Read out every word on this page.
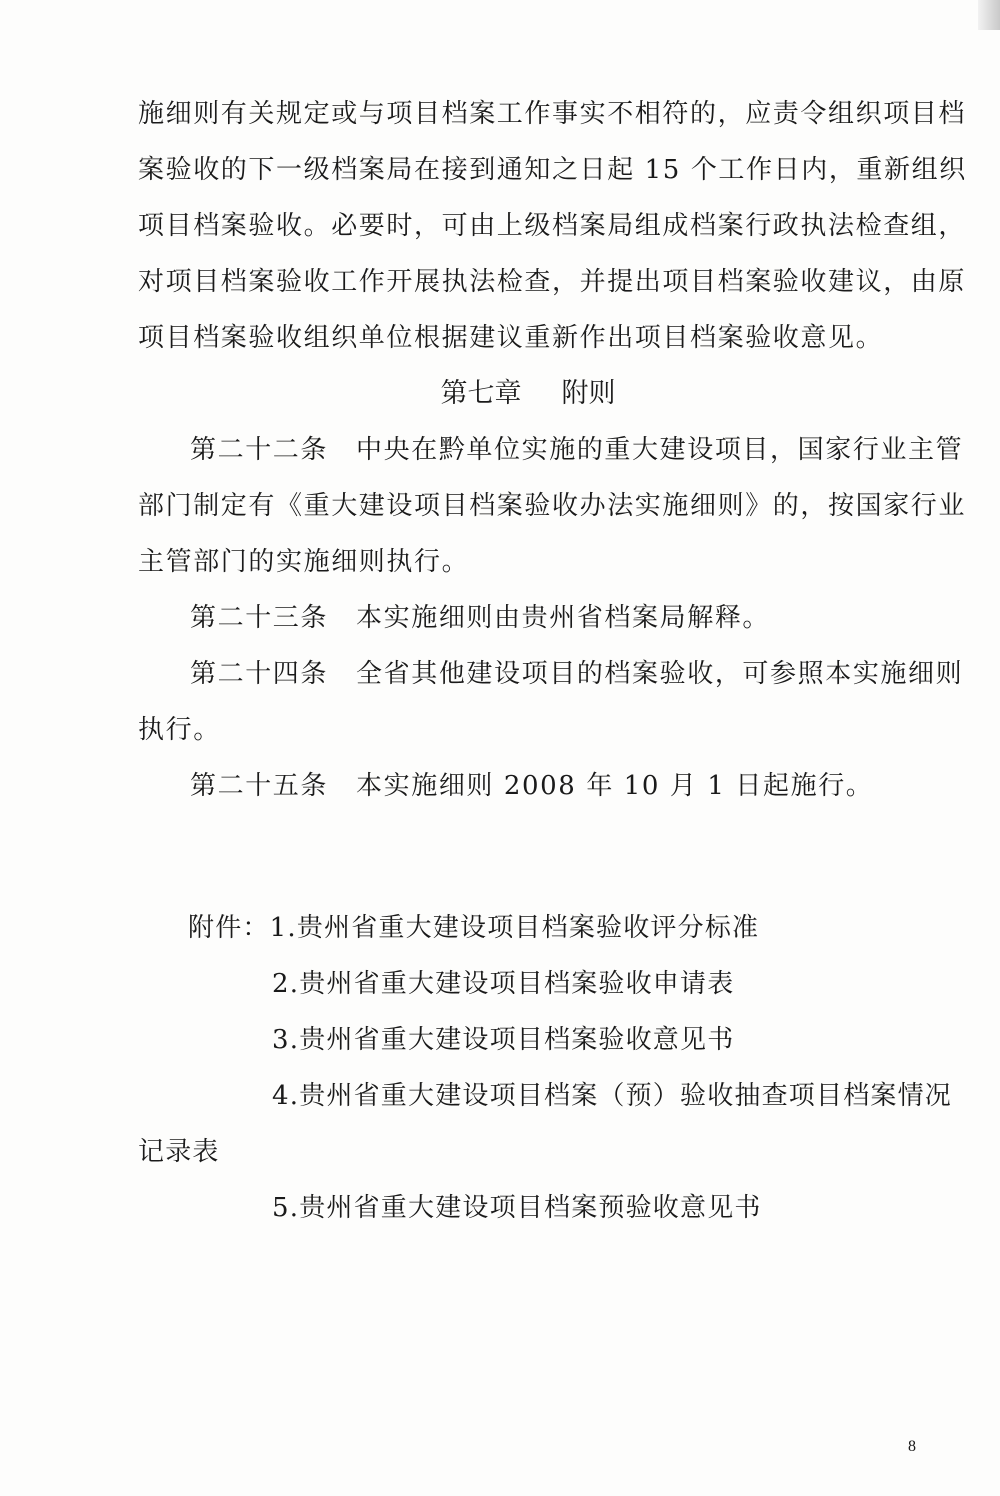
施细则有关规定或与项目档案工作事实不相符的，应责令组织项目档

案验收的下一级档案局在接到通知之日起 15 个工作日内，重新组织

项目档案验收。必要时，可由上级档案局组成档案行政执法检查组，

对项目档案验收工作开展执法检查，并提出项目档案验收建议，由原

项目档案验收组织单位根据建议重新作出项目档案验收意见。

第七章 附则

第二十二条 中央在黔单位实施的重大建设项目，国家行业主管

部门制定有《重大建设项目档案验收办法实施细则》的，按国家行业

主管部门的实施细则执行。

第二十三条 本实施细则由贵州省档案局解释。

第二十四条 全省其他建设项目的档案验收，可参照本实施细则

执行。

第二十五条 本实施细则 2008 年 10 月 1 日起施行。

附件：1.贵州省重大建设项目档案验收评分标准

2.贵州省重大建设项目档案验收申请表

3.贵州省重大建设项目档案验收意见书

4.贵州省重大建设项目档案（预）验收抽查项目档案情况

记录表

5.贵州省重大建设项目档案预验收意见书

8
